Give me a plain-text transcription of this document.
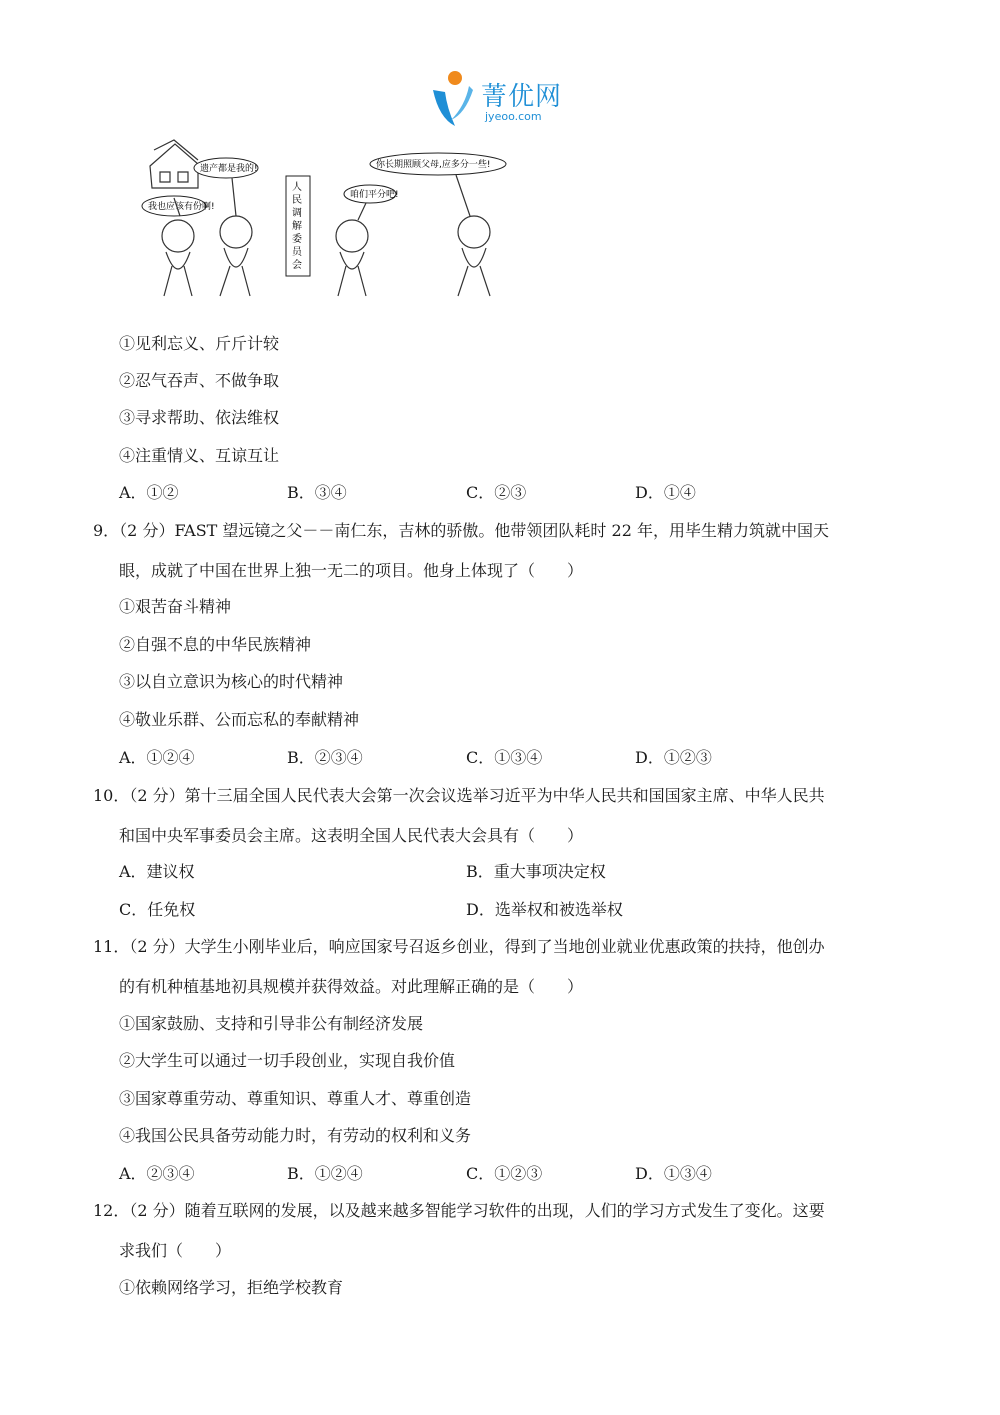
菁优网
jyeoo.com
我也应该有份啊!
遗产都是我的!	你长期照顾父母,应多分一些!
咱们平分吧!
人
民
调
解
委
员
会
①见利忘义、斤斤计较
②忍气吞声、不做争取
③寻求帮助、依法维权
④注重情义、互谅互让
A．①②	B．③④	C．②③	D．①④
9．（2 分）FAST 望远镜之父－－南仁东，吉林的骄傲。他带领团队耗时 22 年，用毕生精力筑就中国天
眼，成就了中国在世界上独一无二的项目。他身上体现了（　　）
①艰苦奋斗精神
②自强不息的中华民族精神
③以自立意识为核心的时代精神
④敬业乐群、公而忘私的奉献精神
A．①②④	B．②③④	C．①③④	D．①②③
10．（2 分）第十三届全国人民代表大会第一次会议选举习近平为中华人民共和国国家主席、中华人民共
和国中央军事委员会主席。这表明全国人民代表大会具有（　　）
A．建议权	B．重大事项决定权
C．任免权	D．选举权和被选举权
11．（2 分）大学生小刚毕业后，响应国家号召返乡创业，得到了当地创业就业优惠政策的扶持，他创办
的有机种植基地初具规模并获得效益。对此理解正确的是（　　）
①国家鼓励、支持和引导非公有制经济发展
②大学生可以通过一切手段创业，实现自我价值
③国家尊重劳动、尊重知识、尊重人才、尊重创造
④我国公民具备劳动能力时，有劳动的权利和义务
A．②③④	B．①②④	C．①②③	D．①③④
12．（2 分）随着互联网的发展，以及越来越多智能学习软件的出现，人们的学习方式发生了变化。这要
求我们（　　）
①依赖网络学习，拒绝学校教育
